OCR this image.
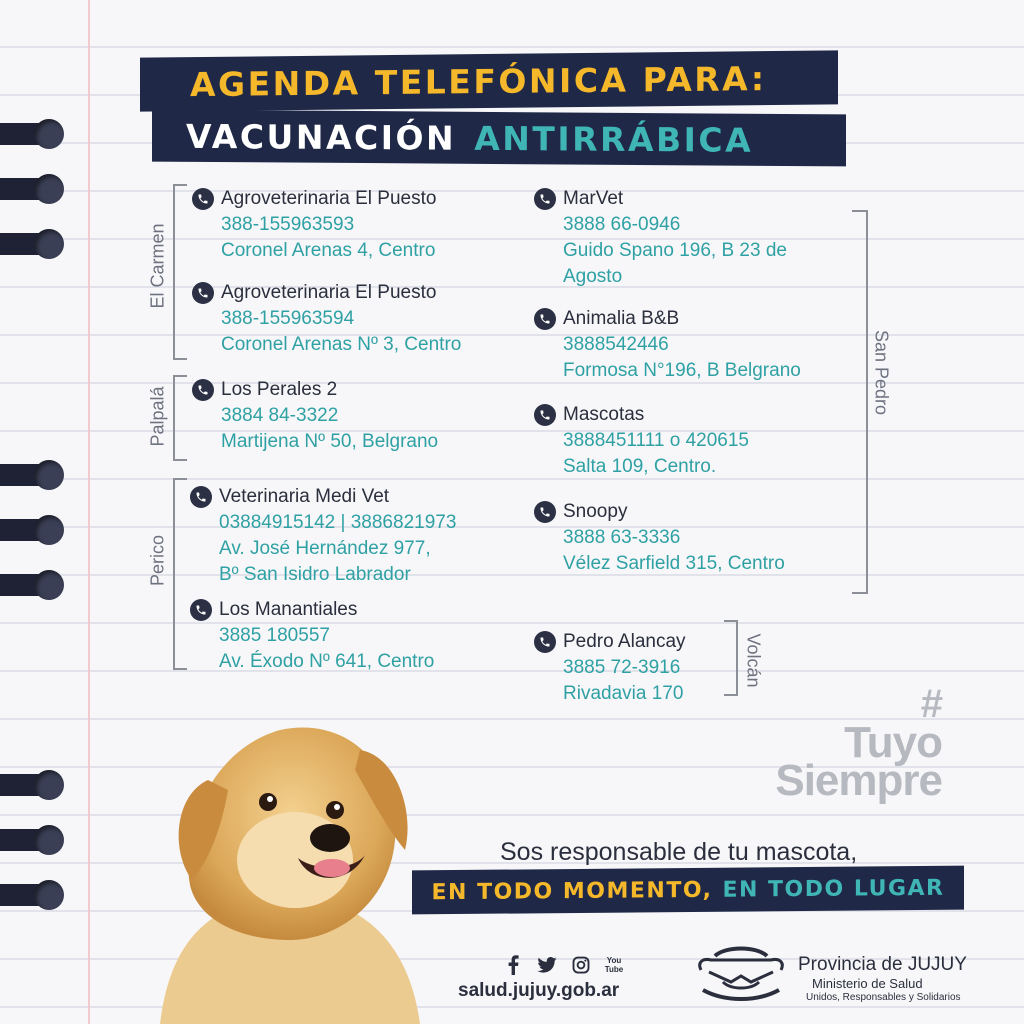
AGENDA TELEFÓNICA PARA:
VACUNACIÓN ANTIRRÁBICA
El Carmen
Palpalá
Perico
San Pedro
Volcán
Agroveterinaria El Puesto
388-155963593
Coronel Arenas 4, Centro
Agroveterinaria El Puesto
388-155963594
Coronel Arenas Nº 3, Centro
Los Perales 2
3884 84-3322
Martijena Nº 50, Belgrano
Veterinaria Medi Vet
03884915142 | 3886821973
Av. José Hernández 977,
Bº San Isidro Labrador
Los Manantiales
3885 180557
Av. Éxodo Nº 641, Centro
MarVet
3888 66-0946
Guido Spano 196, B 23 de
Agosto
Animalia B&B
3888542446
Formosa N°196, B Belgrano
Mascotas
3888451111 o 420615
Salta 109, Centro.
Snoopy
3888 63-3336
Vélez Sarfield 315, Centro
Pedro Alancay
3885 72-3916
Rivadavia 170	#
Tuyo
Siempre
Sos responsable de tu mascota,
EN TODO MOMENTO, EN TODO LUGAR
You Tube
salud.jujuy.gob.ar
Provincia de JUJUY
Ministerio de Salud
Unidos, Responsables y Solidarios
